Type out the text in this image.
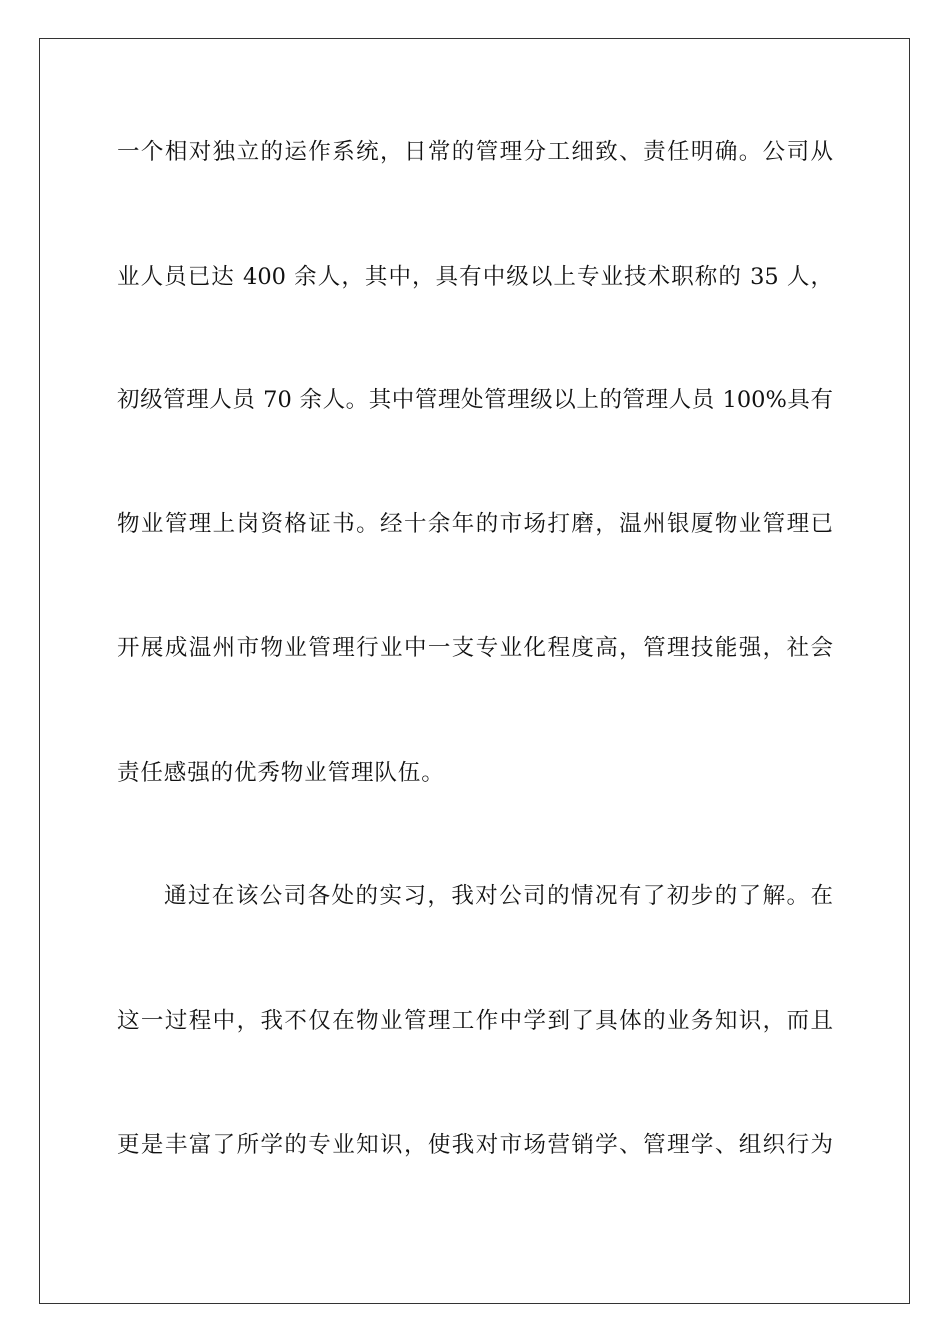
一个相对独立的运作系统，日常的管理分工细致、责任明确。公司从
业人员已达 400 余人，其中，具有中级以上专业技术职称的 35 人，
初级管理人员 70 余人。其中管理处管理级以上的管理人员 100%具有
物业管理上岗资格证书。经十余年的市场打磨，温州银厦物业管理已
开展成温州市物业管理行业中一支专业化程度高，管理技能强，社会
责任感强的优秀物业管理队伍。
通过在该公司各处的实习，我对公司的情况有了初步的了解。在
这一过程中，我不仅在物业管理工作中学到了具体的业务知识，而且
更是丰富了所学的专业知识，使我对市场营销学、管理学、组织行为
